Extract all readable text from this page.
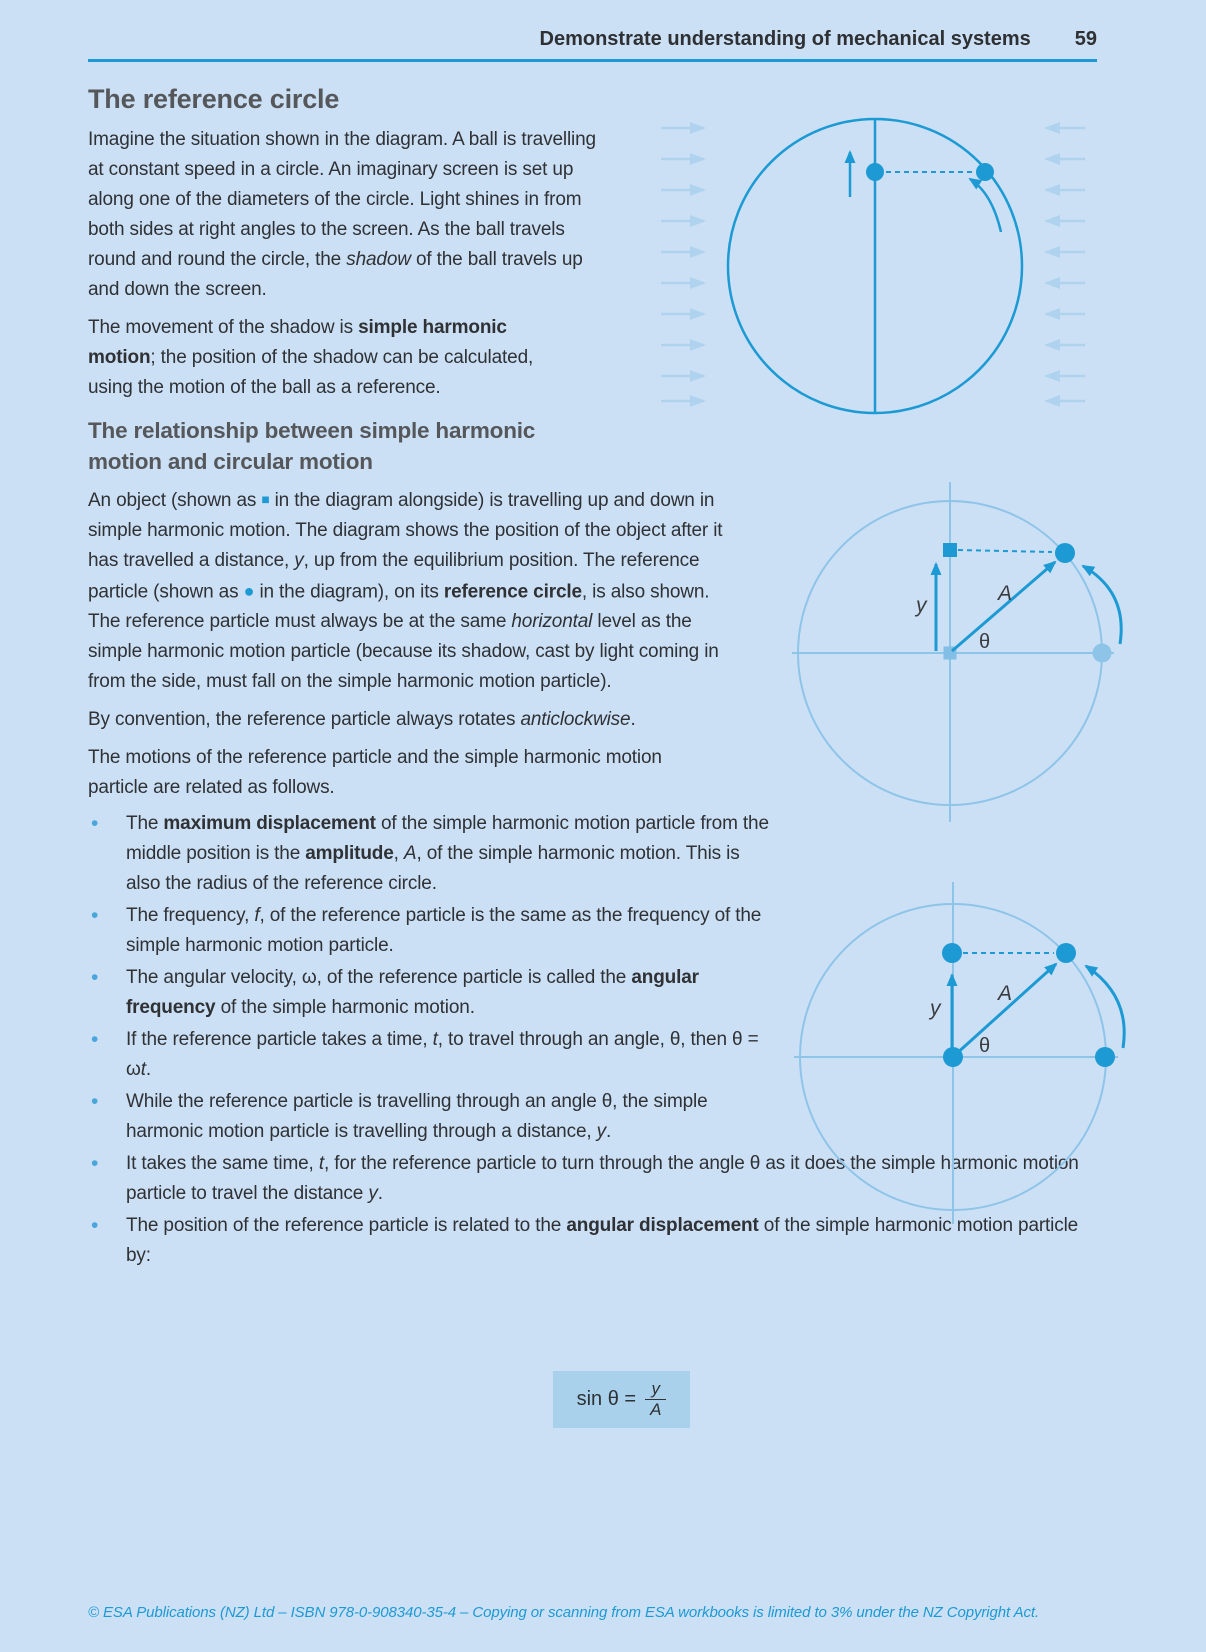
Demonstrate understanding of mechanical systems 59
The reference circle

Imagine the situation shown in the diagram. A ball is travelling at constant speed in a circle. An imaginary screen is set up along one of the diameters of the circle. Light shines in from both sides at right angles to the screen. As the ball travels round and round the circle, the shadow of the ball travels up and down the screen.

The movement of the shadow is simple harmonic motion; the position of the shadow can be calculated, using the motion of the ball as a reference.

The relationship between simple harmonic motion and circular motion

An object (shown as ■ in the diagram alongside) is travelling up and down in simple harmonic motion. The diagram shows the position of the object after it has travelled a distance, y, up from the equilibrium position. The reference particle (shown as ● in the diagram), on its reference circle, is also shown. The reference particle must always be at the same horizontal level as the simple harmonic motion particle (because its shadow, cast by light coming in from the side, must fall on the simple harmonic motion particle).

By convention, the reference particle always rotates anticlockwise.

The motions of the reference particle and the simple harmonic motion particle are related as follows.

• The maximum displacement of the simple harmonic motion particle from the middle position is the amplitude, A, of the simple harmonic motion. This is also the radius of the reference circle.
• The frequency, f, of the reference particle is the same as the frequency of the simple harmonic motion particle.
• The angular velocity, ω, of the reference particle is called the angular frequency of the simple harmonic motion.
• If the reference particle takes a time, t, to travel through an angle, θ, then θ = ωt.
• While the reference particle is travelling through an angle θ, the simple harmonic motion particle is travelling through a distance, y.
• It takes the same time, t, for the reference particle to turn through the angle θ as it does the simple harmonic motion particle to travel the distance y.
• The position of the reference particle is related to the angular displacement of the simple harmonic motion particle by:
y
A
θ
y
A
θ
$\sin \theta = \frac{y}{A}$
© ESA Publications (NZ) Ltd – ISBN 978-0-908340-35-4 – Copying or scanning from ESA workbooks is limited to 3% under the NZ Copyright Act.
